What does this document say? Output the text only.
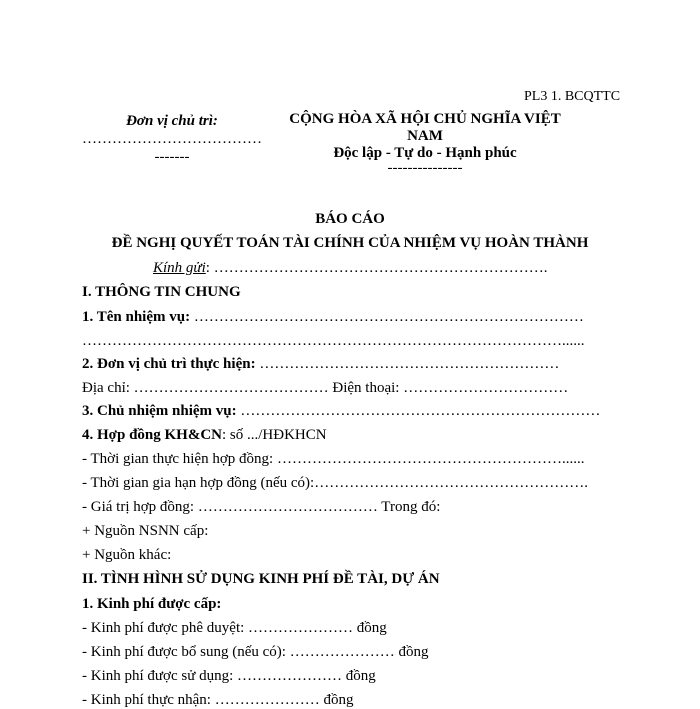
PL3 1. BCQTTC
Đơn vị chủ trì:
………………………………
-------
CỘNG HÒA XÃ HỘI CHỦ NGHĨA VIỆT
NAM
Độc lập - Tự do - Hạnh phúc
---------------
BÁO CÁO
ĐỀ NGHỊ QUYẾT TOÁN TÀI CHÍNH CỦA NHIỆM VỤ HOÀN THÀNH
Kính gửi: ………………………………………………………….
I. THÔNG TIN CHUNG
1. Tên nhiệm vụ: ……………………………………………………………………
……………………………………………………………………………………......
2. Đơn vị chủ trì thực hiện: ……………………………………………………
Địa chỉ: ………………………………… Điện thoại: ……………………………
3. Chủ nhiệm nhiệm vụ: ………………………………………………………………
4. Hợp đồng KH&CN: số .../HĐKHCN
- Thời gian thực hiện hợp đồng: …………………………………………………......
- Thời gian gia hạn hợp đồng (nếu có):……………………………………………….
- Giá trị hợp đồng: ……………………………… Trong đó:
+ Nguồn NSNN cấp:
+ Nguồn khác:
II. TÌNH HÌNH SỬ DỤNG KINH PHÍ ĐỀ TÀI, DỰ ÁN
1. Kinh phí được cấp:
- Kinh phí được phê duyệt: ………………… đồng
- Kinh phí được bổ sung (nếu có): ………………… đồng
- Kinh phí được sử dụng: ………………… đồng
- Kinh phí thực nhận: ………………… đồng
